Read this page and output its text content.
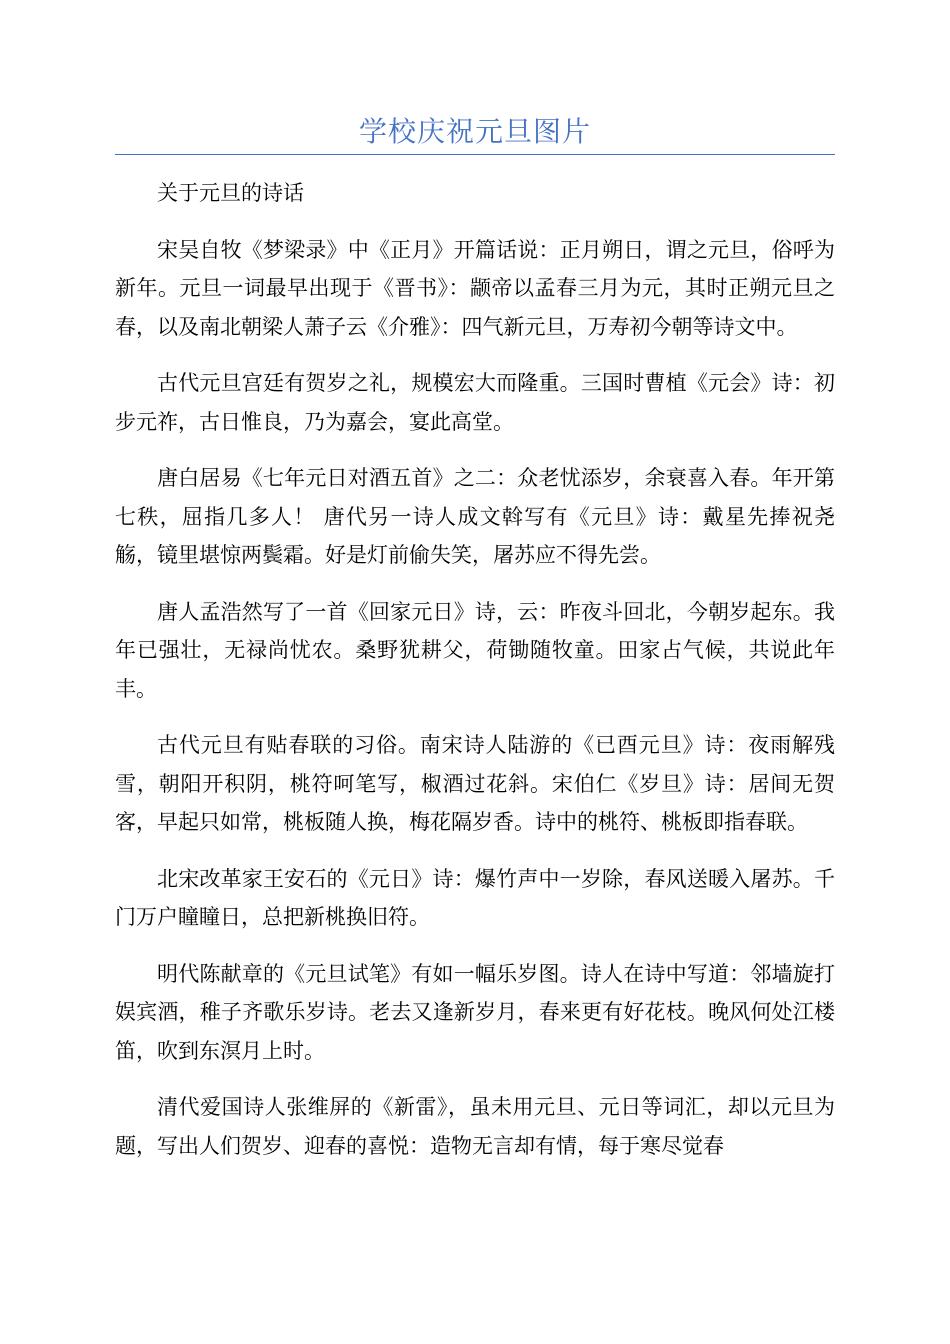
学校庆祝元旦图片

关于元旦的诗话

宋吴自牧《梦梁录》中《正月》开篇话说：正月朔日，谓之元旦，俗呼为新年。元旦一词最早出现于《晋书》：颛帝以孟春三月为元，其时正朔元旦之春，以及南北朝梁人萧子云《介雅》：四气新元旦，万寿初今朝等诗文中。

古代元旦宫廷有贺岁之礼，规模宏大而隆重。三国时曹植《元会》诗：初步元祚，古日惟良，乃为嘉会，宴此高堂。

唐白居易《七年元日对酒五首》之二：众老忧添岁，余衰喜入春。年开第七秩，屈指几多人！ 唐代另一诗人成文斡写有《元旦》诗：戴星先捧祝尧觞，镜里堪惊两鬓霜。好是灯前偷失笑，屠苏应不得先尝。

唐人孟浩然写了一首《回家元日》诗，云：昨夜斗回北，今朝岁起东。我年已强壮，无禄尚忧农。桑野犹耕父，荷锄随牧童。田家占气候，共说此年丰。

古代元旦有贴春联的习俗。南宋诗人陆游的《已酉元旦》诗：夜雨解残雪，朝阳开积阴，桃符呵笔写，椒酒过花斜。宋伯仁《岁旦》诗：居间无贺客，早起只如常，桃板随人换，梅花隔岁香。诗中的桃符、桃板即指春联。

北宋改革家王安石的《元日》诗：爆竹声中一岁除，春风送暖入屠苏。千门万户瞳瞳日，总把新桃换旧符。

明代陈献章的《元旦试笔》有如一幅乐岁图。诗人在诗中写道：邻墙旋打娱宾酒，稚子齐歌乐岁诗。老去又逢新岁月，春来更有好花枝。晚风何处江楼笛，吹到东溟月上时。

清代爱国诗人张维屏的《新雷》，虽未用元旦、元日等词汇，却以元旦为题，写出人们贺岁、迎春的喜悦：造物无言却有情，每于寒尽觉春
